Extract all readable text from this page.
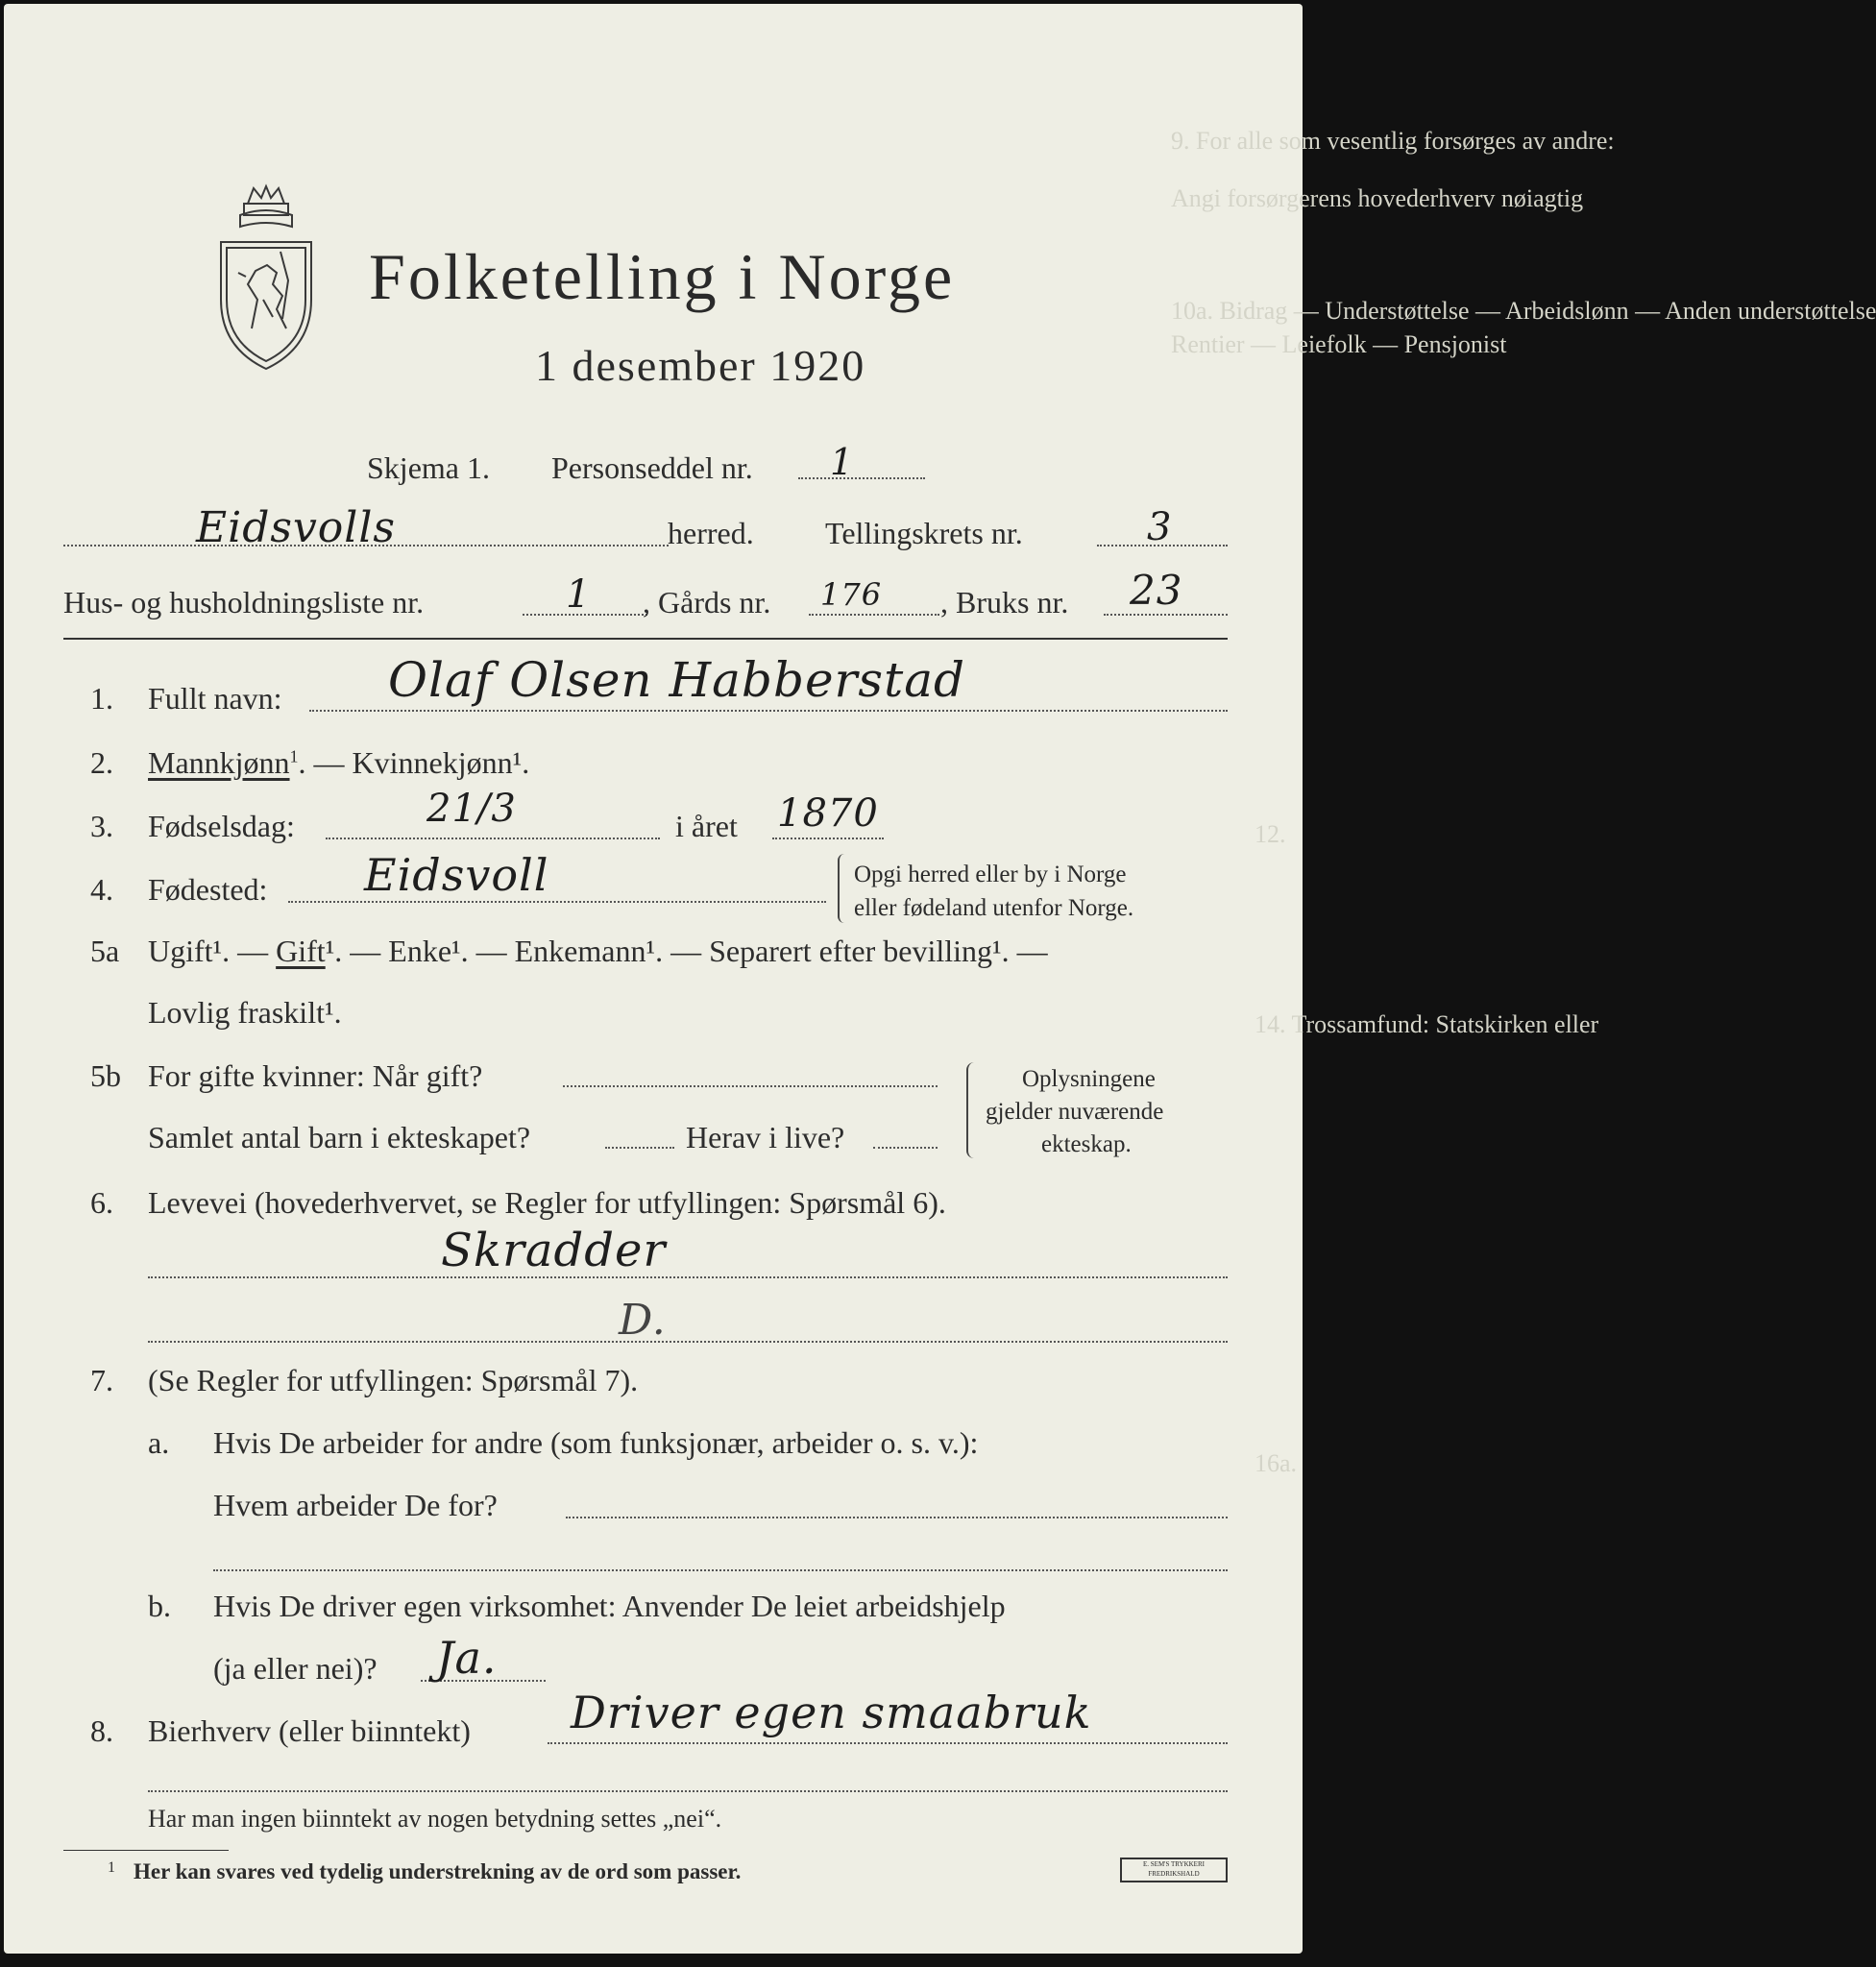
9. For alle som vesentlig forsørges av andre:
Angi forsørgerens hovederhverv nøiagtig
10a. Bidrag — Understøttelse — Arbeidslønn — Anden understøttelse
Rentier — Leiefolk — Pensjonist
12.
14. Trossamfund: Statskirken eller
16a.
Folketelling i Norge
1 desember 1920
Skjema 1. Personseddel nr. 1
Eidsvolls	herred. Tellingskrets nr.	3
Hus- og husholdningsliste nr.	1 , Gårds nr. 176 , Bruks nr. 23
1. Fullt navn: Olaf Olsen Habberstad
2. Mannkjønn$^1$. — Kvinnekjønn¹.
3. Fødselsdag:	21/3	i året 1870
4. Fødested: Eidsvoll	Opgi herred eller by i Norge
eller fødeland utenfor Norge.
5a Ugift¹. — Gift¹. — Enke¹. — Enkemann¹. — Separert efter bevilling¹. —
Lovlig fraskilt¹.
5b For gifte kvinner: Når gift?
Samlet antal barn i ekteskapet?	Herav i live?
Oplysningene
gjelder nuværende
ekteskap.
6. Levevei (hovederhvervet, se Regler for utfyllingen: Spørsmål 6).
Skradder
D.
7. (Se Regler for utfyllingen: Spørsmål 7).
a. Hvis De arbeider for andre (som funksjonær, arbeider o. s. v.):
Hvem arbeider De for?
b. Hvis De driver egen virksomhet: Anvender De leiet arbeidshjelp
(ja eller nei)? Ja.
8. Bierhverv (eller biinntekt) Driver egen smaabruk
Har man ingen biinntekt av nogen betydning settes „nei“.
1 Her kan svares ved tydelig understrekning av de ord som passer.	E. SEM'S TRYKKERI FREDRIKSHALD
